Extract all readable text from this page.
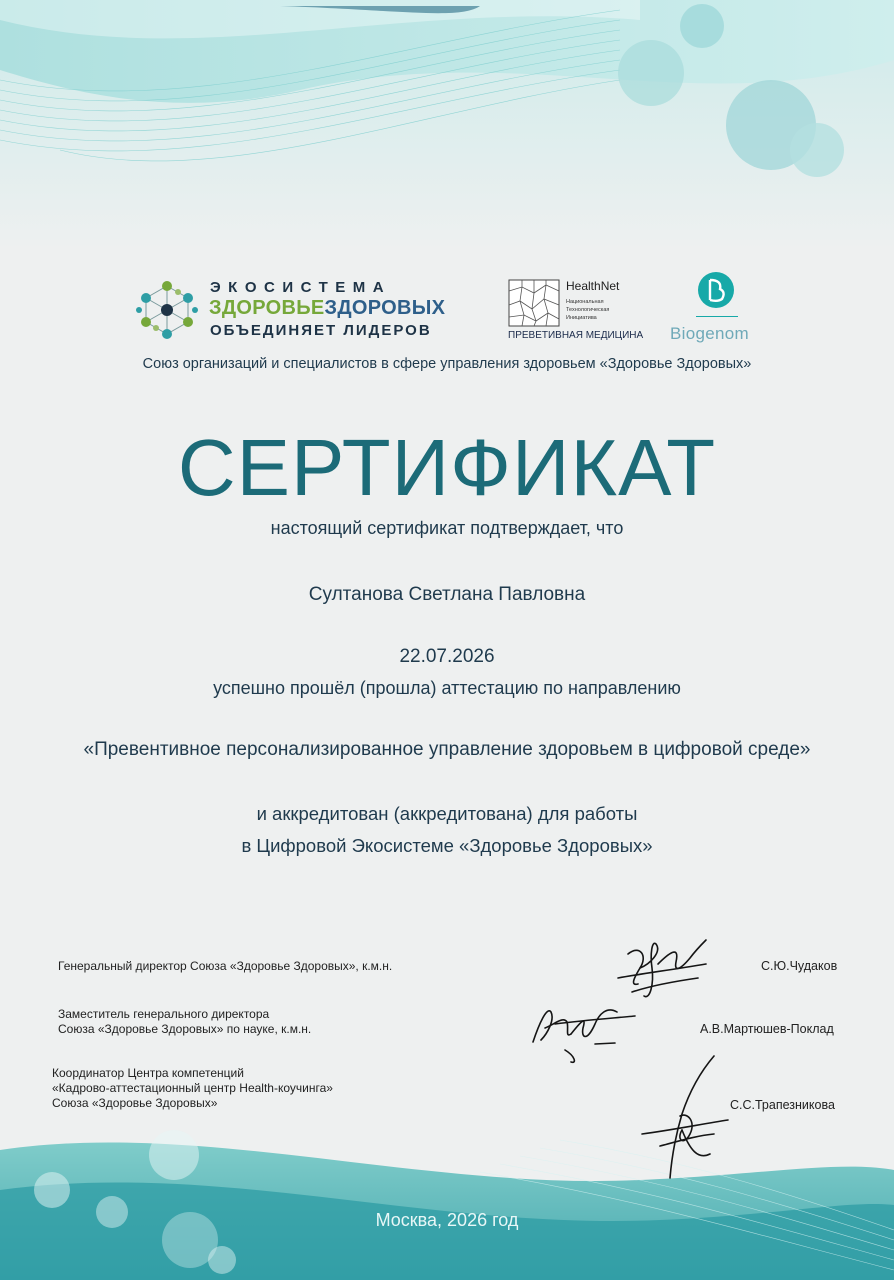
ЭКОСИСТЕМА
ЗДОРОВЬЕЗДОРОВЫХ
ОБЪЕДИНЯЕТ ЛИДЕРОВ
HealthNet
Национальная
Технологическая
Инициатива
ПРЕВЕТИВНАЯ МЕДИЦИНА Biogenom
Союз организаций и специалистов в сфере управления здоровьем «Здоровье Здоровых»
СЕРТИФИКАТ
настоящий сертификат подтверждает, что
Султанова Светлана Павловна
22.07.2026
успешно прошёл (прошла) аттестацию по направлению
«Превентивное персонализированное управление здоровьем в цифровой среде»
и аккредитован (аккредитована) для работы
в Цифровой Экосистеме «Здоровье Здоровых»
Генеральный директор Союза «Здоровье Здоровых», к.м.н.	С.Ю.Чудаков
Заместитель генерального директора
Союза «Здоровье Здоровых» по науке, к.м.н.	А.В.Мартюшев-Поклад
Координатор Центра компетенций
«Кадрово-аттестационный центр Health-коучинга»
Союза «Здоровье Здоровых»	С.С.Трапезникова
Москва, 2026 год
